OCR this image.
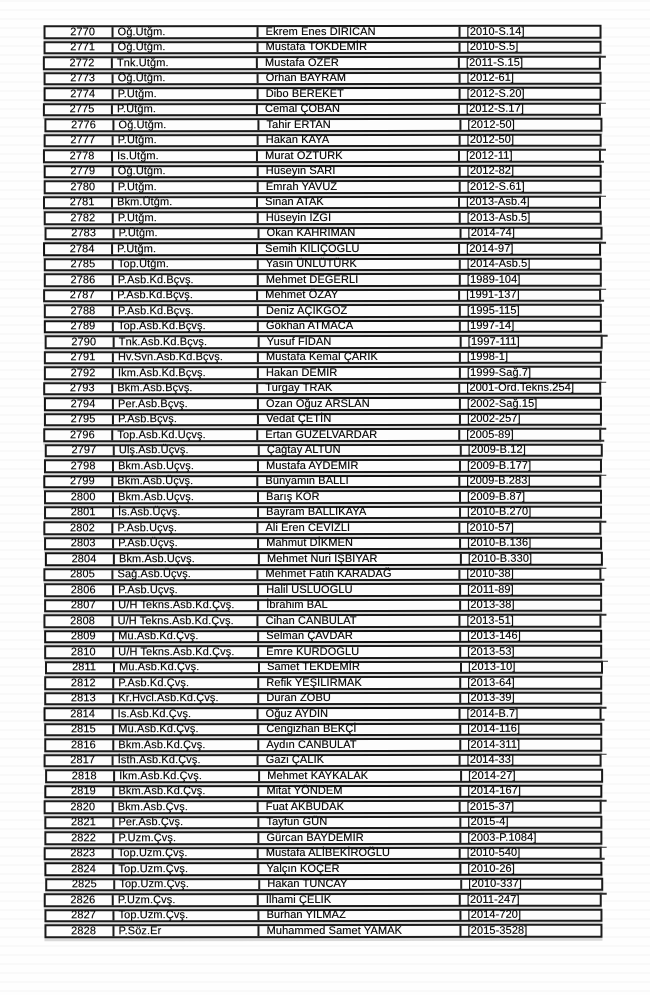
2770	Öğ.Ütğm.	Ekrem Enes DİRİCAN	[2010-S.14]
2771	Öğ.Ütğm.	Mustafa TOKDEMİR	[2010-S.5]
2772	Tnk.Ütğm.	Mustafa ÖZER	[2011-S.15]
2773	Öğ.Ütğm.	Orhan BAYRAM	[2012-61]
2774	P.Ütğm.	Dibo BEREKET	[2012-S.20]
2775	P.Ütğm.	Cemal ÇOBAN	[2012-S.17]
2776	Öğ.Ütğm.	Tahir ERTAN	[2012-50]
2777	P.Ütğm.	Hakan KAYA	[2012-50]
2778	İs.Ütğm.	Murat ÖZTÜRK	[2012-11]
2779	Öğ.Ütğm.	Hüseyin SARI	[2012-82]
2780	P.Ütğm.	Emrah YAVUZ	[2012-S.61]
2781	Bkm.Ütğm.	Sinan ATAK	[2013-Asb.4]
2782	P.Ütğm.	Hüseyin İZGİ	[2013-Asb.5]
2783	P.Ütğm.	Okan KAHRIMAN	[2014-74]
2784	P.Ütğm.	Semih KILIÇOĞLU	[2014-97]
2785	Top.Ütğm.	Yasin ÜNLÜTÜRK	[2014-Asb.5]
2786	P.Asb.Kd.Bçvş.	Mehmet DEĞERLİ	[1989-104]
2787	P.Asb.Kd.Bçvş.	Mehmet ÖZAY	[1991-137]
2788	P.Asb.Kd.Bçvş.	Deniz AÇIKGÖZ	[1995-115]
2789	Top.Asb.Kd.Bçvş.	Gökhan ATMACA	[1997-14]
2790	Tnk.Asb.Kd.Bçvş.	Yusuf FİDAN	[1997-111]
2791	Hv.Svn.Asb.Kd.Bçvş.	Mustafa Kemal ÇARIK	[1998-1]
2792	İkm.Asb.Kd.Bçvş.	Hakan DEMİR	[1999-Sağ.7]
2793	Bkm.Asb.Bçvş.	Turgay TRAK	[2001-Ord.Tekns.254]
2794	Per.Asb.Bçvş.	Ozan Oğuz ARSLAN	[2002-Sağ.15]
2795	P.Asb.Bçvş.	Vedat ÇETİN	[2002-257]
2796	Top.Asb.Kd.Üçvş.	Ertan GÜZELVARDAR	[2005-89]
2797	Ulş.Asb.Üçvş.	Çağtay ALTUN	[2009-B.12]
2798	Bkm.Asb.Üçvş.	Mustafa AYDEMİR	[2009-B.177]
2799	Bkm.Asb.Üçvş.	Bünyamin BALLI	[2009-B.283]
2800	Bkm.Asb.Üçvş.	Barış KÖR	[2009-B.87]
2801	İs.Asb.Üçvş.	Bayram BALLIKAYA	[2010-B.270]
2802	P.Asb.Üçvş.	Ali Eren CEVİZLİ	[2010-57]
2803	P.Asb.Üçvş.	Mahmut DİKMEN	[2010-B.136]
2804	Bkm.Asb.Üçvş.	Mehmet Nuri İŞBİYAR	[2010-B.330]
2805	Sağ.Asb.Üçvş.	Mehmet Fatih KARADAĞ	[2010-38]
2806	P.Asb.Üçvş.	Halil USLUOĞLU	[2011-89]
2807	U/H Tekns.Asb.Kd.Çvş.	İbrahim BAL	[2013-38]
2808	U/H Tekns.Asb.Kd.Çvş.	Cihan CANBULAT	[2013-51]
2809	Mu.Asb.Kd.Çvş.	Selman ÇAVDAR	[2013-146]
2810	U/H Tekns.Asb.Kd.Çvş.	Emre KURDOĞLU	[2013-53]
2811	Mu.Asb.Kd.Çvş.	Samet TEKDEMİR	[2013-10]
2812	P.Asb.Kd.Çvş.	Refik YEŞİLIRMAK	[2013-64]
2813	Kr.Hvcl.Asb.Kd.Çvş.	Duran ZOBU	[2013-39]
2814	İs.Asb.Kd.Çvş.	Oğuz AYDIN	[2014-B.7]
2815	Mu.Asb.Kd.Çvş.	Cengizhan BEKÇİ	[2014-116]
2816	Bkm.Asb.Kd.Çvş.	Aydın CANBULAT	[2014-311]
2817	İsth.Asb.Kd.Çvş.	Gazi ÇALIK	[2014-33]
2818	İkm.Asb.Kd.Çvş.	Mehmet KAYKALAK	[2014-27]
2819	Bkm.Asb.Kd.Çvş.	Mitat YÖNDEM	[2014-167]
2820	Bkm.Asb.Çvş.	Fuat AKBUDAK	[2015-37]
2821	Per.Asb.Çvş.	Tayfun GÜN	[2015-4]
2822	P.Uzm.Çvş.	Gürcan BAYDEMİR	[2003-P.1084]
2823	Top.Uzm.Çvş.	Mustafa ALİBEKİROĞLU	[2010-540]
2824	Top.Uzm.Çvş.	Yalçın KOÇER	[2010-26]
2825	Top.Uzm.Çvş.	Hakan TUNCAY	[2010-337]
2826	P.Uzm.Çvş.	İlhami ÇELİK	[2011-247]
2827	Top.Uzm.Çvş.	Burhan YILMAZ	[2014-720]
2828	P.Söz.Er	Muhammed Samet YAMAK	[2015-3528]
